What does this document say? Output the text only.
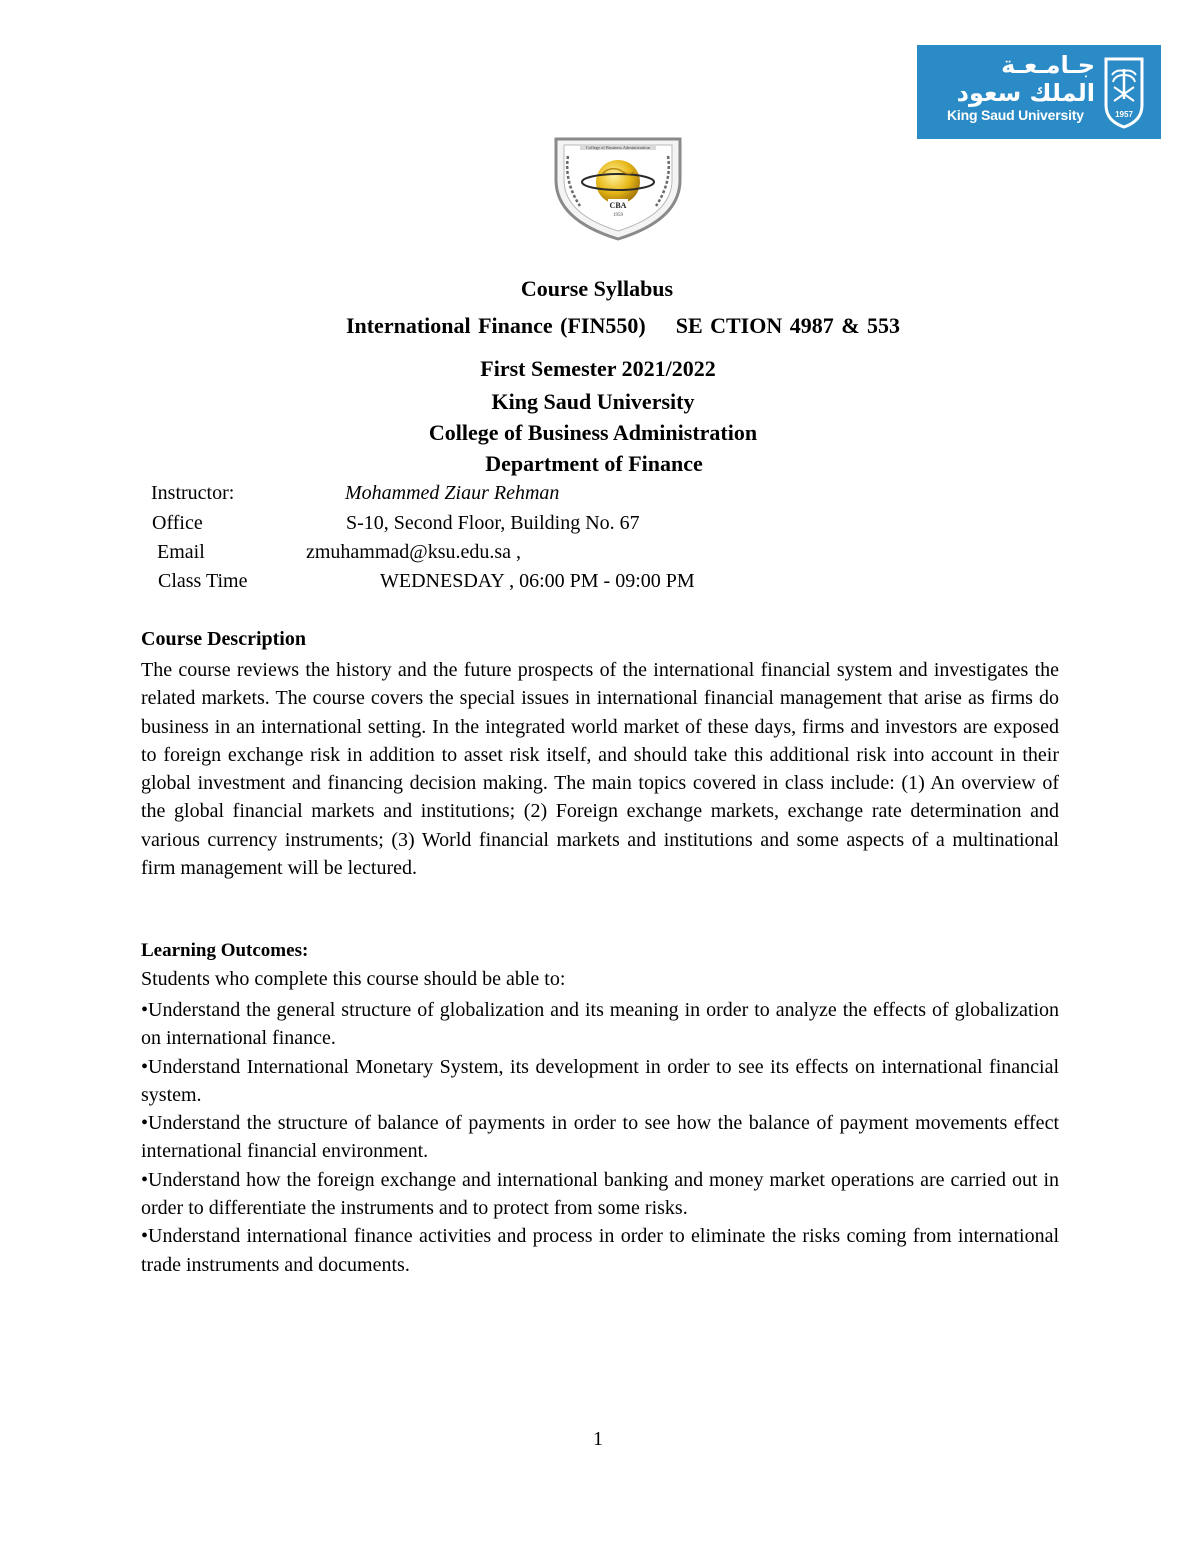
جـامـعـة
الملك سعود
King Saud University	1957
College of Business Administration
CBA
1959
Course Syllabus
International Finance (FIN550)    SE CTION 4987 & 553
First Semester 2021/2022
King Saud University
College of Business Administration
Department of Finance
Instructor:	Mohammed Ziaur Rehman
Office	S-10, Second Floor, Building No. 67
Email	zmuhammad@ksu.edu.sa ,
Class Time	WEDNESDAY , 06:00 PM - 09:00 PM
Course Description
The course reviews the history and the future prospects of the international financial system and investigates the related markets. The course covers the special issues in international financial management that arise as firms do business in an international setting. In the integrated world market of these days, firms and investors are exposed to foreign exchange risk in addition to asset risk itself, and should take this additional risk into account in their global investment and financing decision making. The main topics covered in class include: (1) An overview of the global financial markets and institutions; (2) Foreign exchange markets, exchange rate determination and various currency instruments; (3) World financial markets and institutions and some aspects of a multinational firm management will be lectured.
Learning Outcomes:
Students who complete this course should be able to:
•Understand the general structure of globalization and its meaning in order to analyze the effects of globalization on international finance.
•Understand International Monetary System, its development in order to see its effects on international financial system.
•Understand the structure of balance of payments in order to see how the balance of payment movements effect international financial environment.
•Understand how the foreign exchange and international banking and money market operations are carried out in order to differentiate the instruments and to protect from some risks.
•Understand international finance activities and process in order to eliminate the risks coming from international trade instruments and documents.
1
